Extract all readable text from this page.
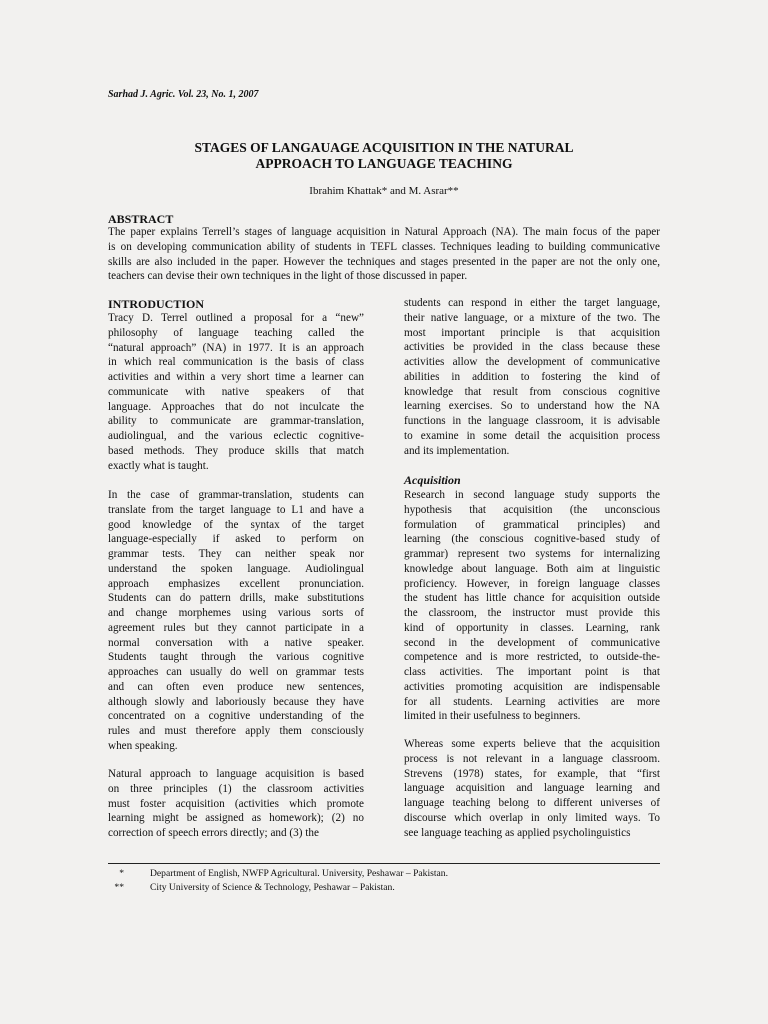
Sarhad J. Agric. Vol. 23, No. 1, 2007
STAGES OF LANGAUAGE ACQUISITION IN THE NATURAL
APPROACH TO LANGUAGE TEACHING
Ibrahim Khattak* and M. Asrar**
ABSTRACT
The paper explains Terrell’s stages of language acquisition in Natural Approach (NA). The main focus of the paper
is on developing communication ability of students in TEFL classes. Techniques leading to building communicative
skills are also included in the paper. However the techniques and stages presented in the paper are not the only one,
teachers can devise their own techniques in the light of those discussed in paper.
INTRODUCTION
Tracy D. Terrel outlined a proposal for a “new”
philosophy of language teaching called the
“natural approach” (NA) in 1977. It is an approach
in which real communication is the basis of class
activities and within a very short time a learner can
communicate with native speakers of that
language. Approaches that do not inculcate the
ability to communicate are grammar-translation,
audiolingual, and the various eclectic cognitive-
based methods. They produce skills that match
exactly what is taught.
In the case of grammar-translation, students can
translate from the target language to L1 and have a
good knowledge of the syntax of the target
language-especially if asked to perform on
grammar tests. They can neither speak nor
understand the spoken language. Audiolingual
approach emphasizes excellent pronunciation.
Students can do pattern drills, make substitutions
and change morphemes using various sorts of
agreement rules but they cannot participate in a
normal conversation with a native speaker.
Students taught through the various cognitive
approaches can usually do well on grammar tests
and can often even produce new sentences,
although slowly and laboriously because they have
concentrated on a cognitive understanding of the
rules and must therefore apply them consciously
when speaking.
Natural approach to language acquisition is based
on three principles (1) the classroom activities
must foster acquisition (activities which promote
learning might be assigned as homework); (2) no
correction of speech errors directly; and (3) the
students can respond in either the target language,
their native language, or a mixture of the two. The
most important principle is that acquisition
activities be provided in the class because these
activities allow the development of communicative
abilities in addition to fostering the kind of
knowledge that result from conscious cognitive
learning exercises. So to understand how the NA
functions in the language classroom, it is advisable
to examine in some detail the acquisition process
and its implementation.
Acquisition
Research in second language study supports the
hypothesis that acquisition (the unconscious
formulation of grammatical principles) and
learning (the conscious cognitive-based study of
grammar) represent two systems for internalizing
knowledge about language. Both aim at linguistic
proficiency. However, in foreign language classes
the student has little chance for acquisition outside
the classroom, the instructor must provide this
kind of opportunity in classes. Learning, rank
second in the development of communicative
competence and is more restricted, to outside-the-
class activities. The important point is that
activities promoting acquisition are indispensable
for all students. Learning activities are more
limited in their usefulness to beginners.
Whereas some experts believe that the acquisition
process is not relevant in a language classroom.
Strevens (1978) states, for example, that “first
language acquisition and language learning and
language teaching belong to different universes of
discourse which overlap in only limited ways. To
see language teaching as applied psycholinguistics
*	Department of English, NWFP Agricultural. University, Peshawar – Pakistan.
**	City University of Science & Technology, Peshawar – Pakistan.
